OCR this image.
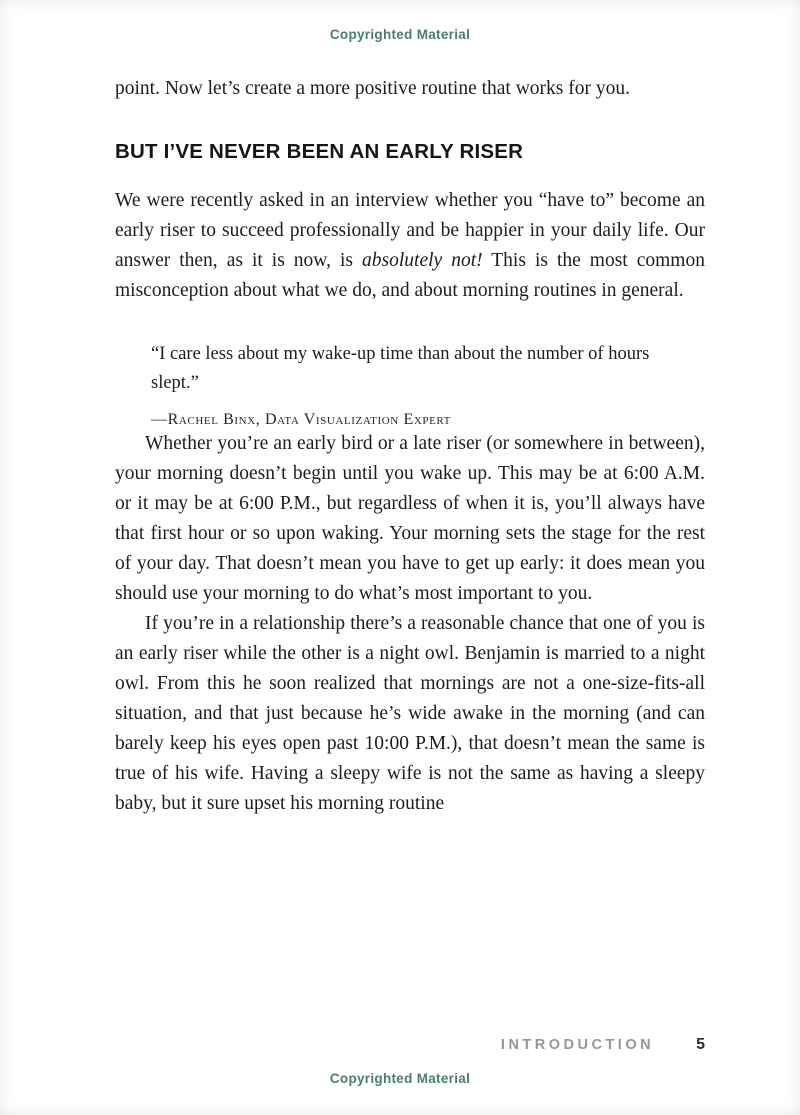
Copyrighted Material

point. Now let’s create a more positive routine that works for you.

BUT I’VE NEVER BEEN AN EARLY RISER

We were recently asked in an interview whether you “have to” become an early riser to succeed professionally and be happier in your daily life. Our answer then, as it is now, is absolutely not! This is the most common misconception about what we do, and about morning routines in general.

“I care less about my wake-up time than about the number of hours slept.”
—Rachel Binx, Data Visualization Expert

Whether you’re an early bird or a late riser (or somewhere in between), your morning doesn’t begin until you wake up. This may be at 6:00 A.M. or it may be at 6:00 P.M., but regardless of when it is, you’ll always have that first hour or so upon waking. Your morning sets the stage for the rest of your day. That doesn’t mean you have to get up early: it does mean you should use your morning to do what’s most important to you.

If you’re in a relationship there’s a reasonable chance that one of you is an early riser while the other is a night owl. Benjamin is married to a night owl. From this he soon realized that mornings are not a one-size-fits-all situation, and that just because he’s wide awake in the morning (and can barely keep his eyes open past 10:00 P.M.), that doesn’t mean the same is true of his wife. Having a sleepy wife is not the same as having a sleepy baby, but it sure upset his morning routine

INTRODUCTION	5
Copyrighted Material
